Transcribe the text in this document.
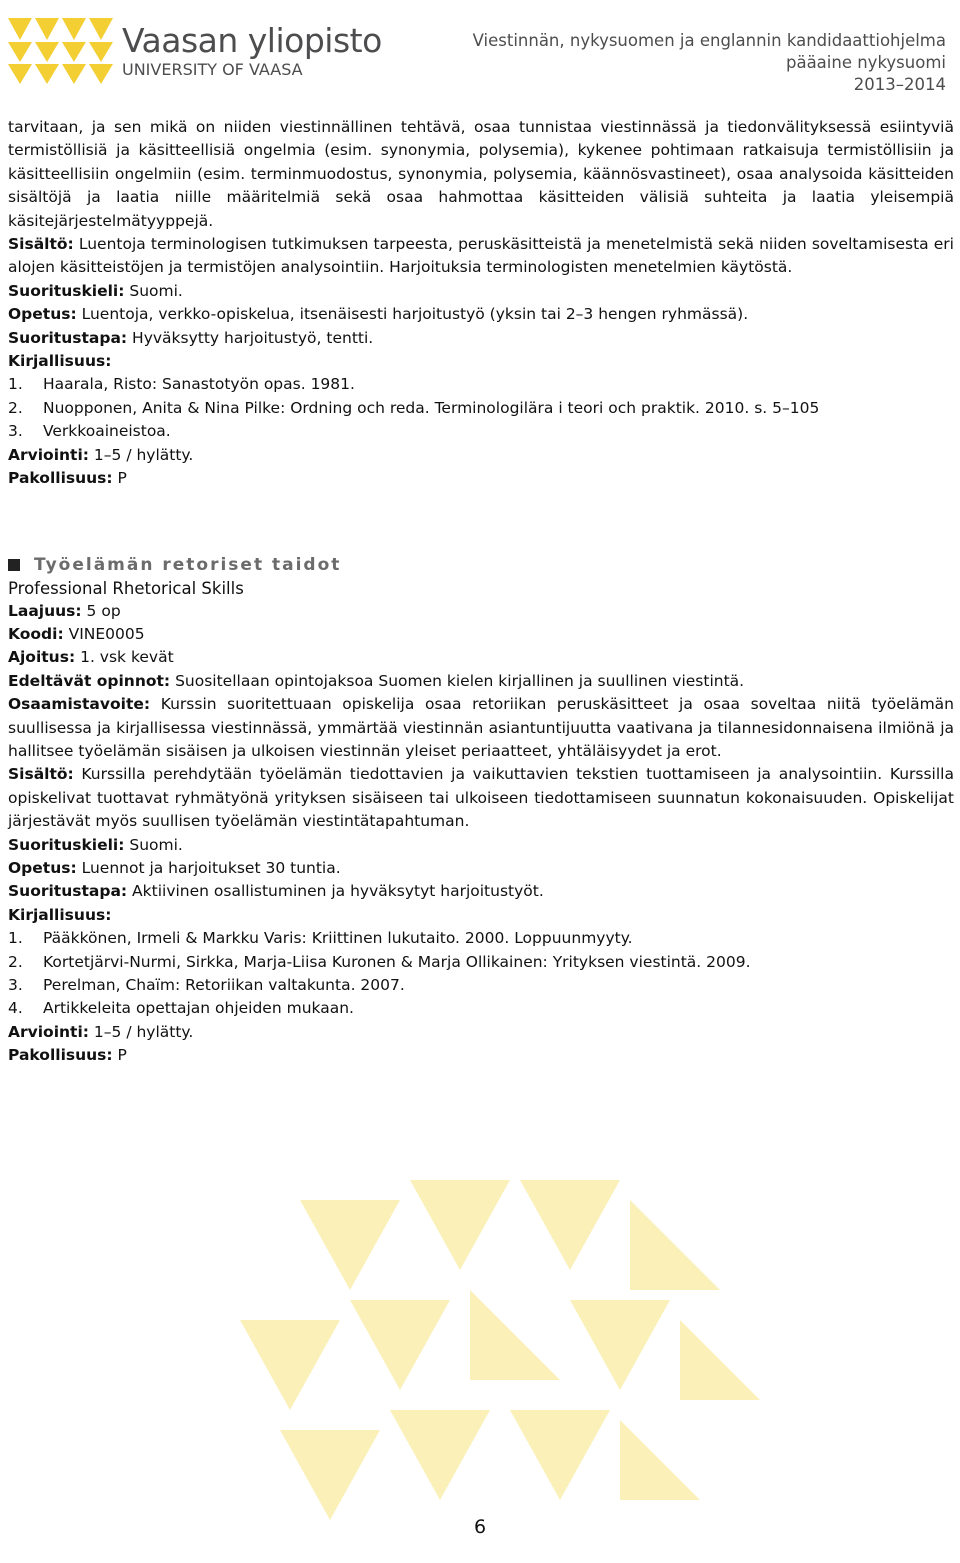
Vaasan yliopisto
UNIVERSITY OF VAASA
Viestinnän, nykysuomen ja englannin kandidaattiohjelma
pääaine nykysuomi
2013–2014

tarvitaan, ja sen mikä on niiden viestinnällinen tehtävä, osaa tunnistaa viestinnässä ja tiedonvälityksessä esiintyviä termistöllisiä ja käsitteellisiä ongelmia (esim. synonymia, polysemia), kykenee pohtimaan ratkaisuja termistöllisiin ja käsitteellisiin ongelmiin (esim. terminmuodostus, synonymia, polysemia, käännösvastineet), osaa analysoida käsitteiden sisältöjä ja laatia niille määritelmiä sekä osaa hahmottaa käsitteiden välisiä suhteita ja laatia yleisempiä käsitejärjestelmätyyppejä.

Sisältö: Luentoja terminologisen tutkimuksen tarpeesta, peruskäsitteistä ja menetelmistä sekä niiden soveltamisesta eri alojen käsitteistöjen ja termistöjen analysointiin. Harjoituksia terminologisten menetelmien käytöstä.

Suorituskieli: Suomi.

Opetus: Luentoja, verkko-opiskelua, itsenäisesti harjoitustyö (yksin tai 2–3 hengen ryhmässä).

Suoritustapa: Hyväksytty harjoitustyö, tentti.

Kirjallisuus:

1.	Haarala, Risto: Sanastotyön opas. 1981.
2.	Nuopponen, Anita & Nina Pilke: Ordning och reda. Terminologilära i teori och praktik. 2010. s. 5–105
3.	Verkkoaineistoa.

Arviointi: 1–5 / hylätty.

Pakollisuus: P

Työelämän retoriset taidot

Professional Rhetorical Skills

Laajuus: 5 op

Koodi: VINE0005

Ajoitus: 1. vsk kevät

Edeltävät opinnot: Suositellaan opintojaksoa Suomen kielen kirjallinen ja suullinen viestintä.

Osaamistavoite: Kurssin suoritettuaan opiskelija osaa retoriikan peruskäsitteet ja osaa soveltaa niitä työelämän suullisessa ja kirjallisessa viestinnässä, ymmärtää viestinnän asiantuntijuutta vaativana ja tilannesidonnaisena ilmiönä ja hallitsee työelämän sisäisen ja ulkoisen viestinnän yleiset periaatteet, yhtäläisyydet ja erot.

Sisältö: Kurssilla perehdytään työelämän tiedottavien ja vaikuttavien tekstien tuottamiseen ja analysointiin. Kurssilla opiskelivat tuottavat ryhmätyönä yrityksen sisäiseen tai ulkoiseen tiedottamiseen suunnatun kokonaisuuden. Opiskelijat järjestävät myös suullisen työelämän viestintätapahtuman.

Suorituskieli: Suomi.

Opetus: Luennot ja harjoitukset 30 tuntia.

Suoritustapa: Aktiivinen osallistuminen ja hyväksytyt harjoitustyöt.

Kirjallisuus:

1.	Pääkkönen, Irmeli & Markku Varis: Kriittinen lukutaito. 2000. Loppuunmyyty.
2.	Kortetjärvi-Nurmi, Sirkka, Marja-Liisa Kuronen & Marja Ollikainen: Yrityksen viestintä. 2009.
3.	Perelman, Chaïm: Retoriikan valtakunta. 2007.
4.	Artikkeleita opettajan ohjeiden mukaan.

Arviointi: 1–5 / hylätty.

Pakollisuus: P

6
